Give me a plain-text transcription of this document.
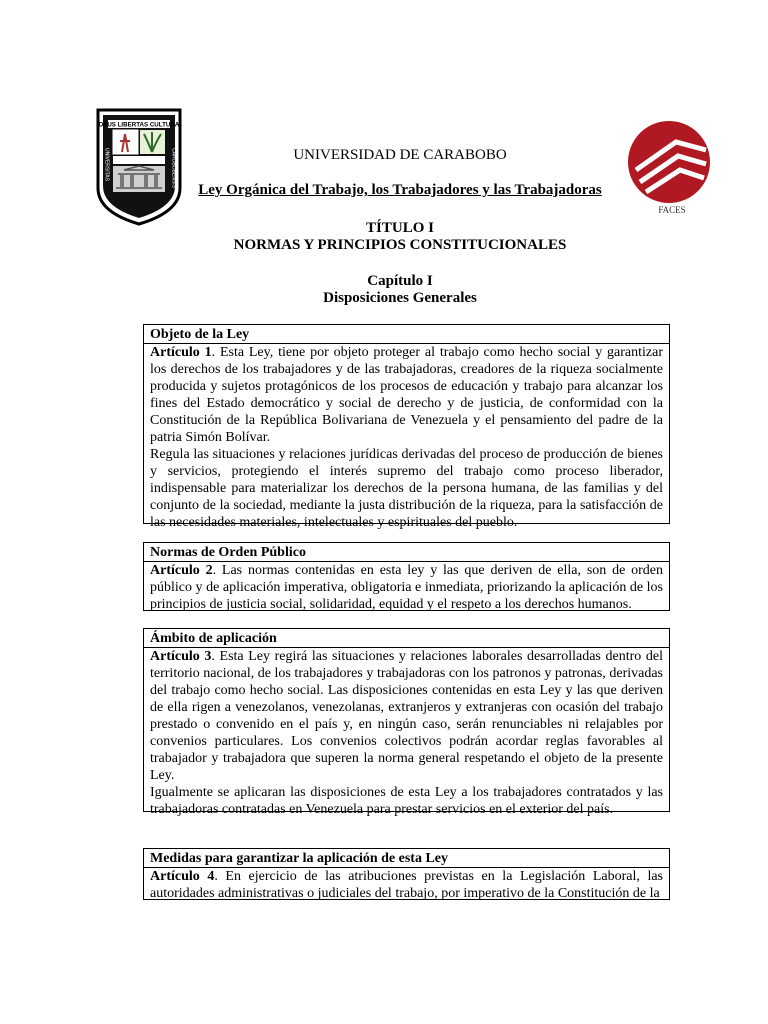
DEUS LIBERTAS CULTURA
UNIVERSITAS	CAROBOBENSIS
FACES
UNIVERSIDAD DE CARABOBO
Ley Orgánica del Trabajo, los Trabajadores y las Trabajadoras
TÍTULO I
NORMAS Y PRINCIPIOS CONSTITUCIONALES
Capítulo I
Disposiciones Generales
Objeto de la Ley

Artículo 1. Esta Ley, tiene por objeto proteger al trabajo como hecho social y garantizar los derechos de los trabajadores y de las trabajadoras, creadores de la riqueza socialmente producida y sujetos protagónicos de los procesos de educación y trabajo para alcanzar los fines del Estado democrático y social de derecho y de justicia, de conformidad con la Constitución de la República Bolivariana de Venezuela y el pensamiento del padre de la patria Simón Bolívar.

Regula las situaciones y relaciones jurídicas derivadas del proceso de producción de bienes y servicios, protegiendo el interés supremo del trabajo como proceso liberador, indispensable para materializar los derechos de la persona humana, de las familias y del conjunto de la sociedad, mediante la justa distribución de la riqueza, para la satisfacción de las necesidades materiales, intelectuales y espirituales del pueblo.

Normas de Orden Público

Artículo 2. Las normas contenidas en esta ley y las que deriven de ella, son de orden público y de aplicación imperativa, obligatoria e inmediata, priorizando la aplicación de los principios de justicia social, solidaridad, equidad y el respeto a los derechos humanos.

Ámbito de aplicación

Artículo 3. Esta Ley regirá las situaciones y relaciones laborales desarrolladas dentro del territorio nacional, de los trabajadores y trabajadoras con los patronos y patronas, derivadas del trabajo como hecho social. Las disposiciones contenidas en esta Ley y las que deriven de ella rigen a venezolanos, venezolanas, extranjeros y extranjeras con ocasión del trabajo prestado o convenido en el país y, en ningún caso, serán renunciables ni relajables por convenios particulares. Los convenios colectivos podrán acordar reglas favorables al trabajador y trabajadora que superen la norma general respetando el objeto de la presente Ley.

Igualmente se aplicaran las disposiciones de esta Ley a los trabajadores contratados y las trabajadoras contratadas en Venezuela para prestar servicios en el exterior del país.

Medidas para garantizar la aplicación de esta Ley

Artículo 4. En ejercicio de las atribuciones previstas en la Legislación Laboral, las autoridades administrativas o judiciales del trabajo, por imperativo de la Constitución de la
